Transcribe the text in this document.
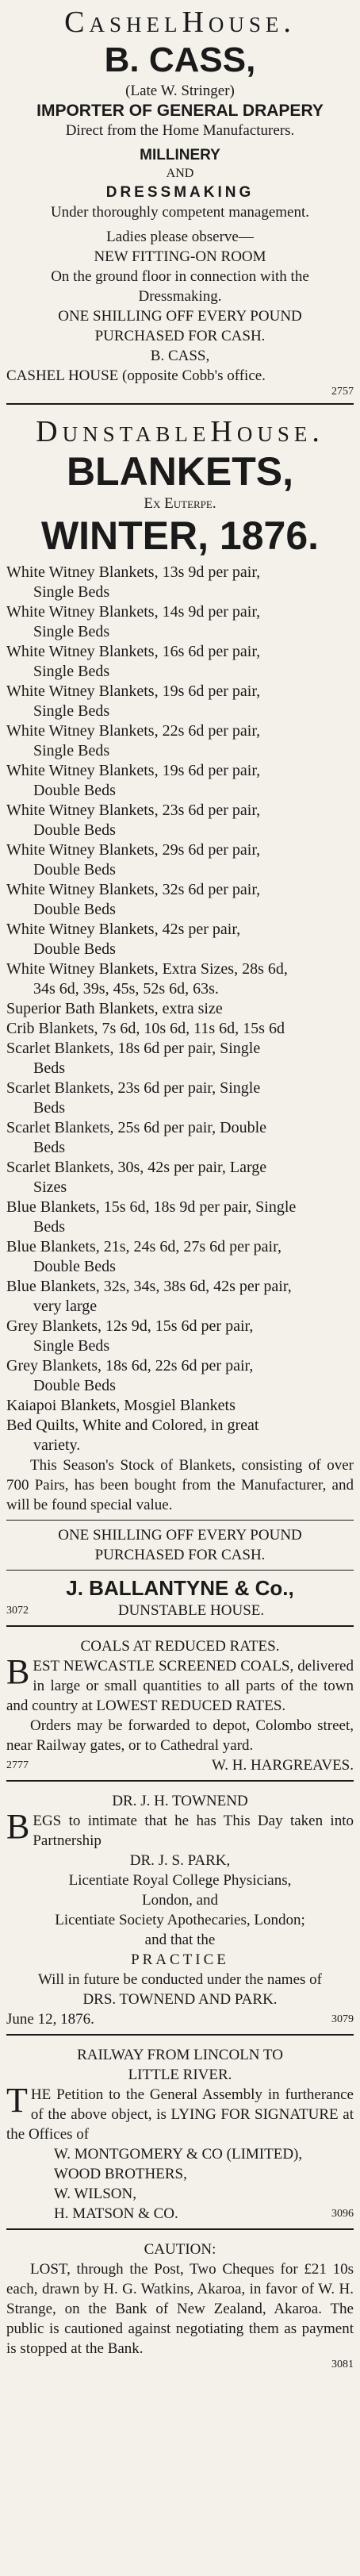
CashelHouse.
B. CASS,
(Late W. Stringer)
IMPORTER OF GENERAL DRAPERY
Direct from the Home Manufacturers.
MILLINERY
AND
DRESSMAKING
Under thoroughly competent management.
Ladies please observe—
NEW FITTING-ON ROOM
On the ground floor in connection with the
Dressmaking.
ONE SHILLING OFF EVERY POUND
PURCHASED FOR CASH.
B. CASS,
CASHEL HOUSE (opposite Cobb's office.
2757
DunstableHouse.
BLANKETS,
Ex Euterpe.
WINTER, 1876.
White Witney Blankets, 13s 9d per pair,
Single Beds
White Witney Blankets, 14s 9d per pair,
Single Beds
White Witney Blankets, 16s 6d per pair,
Single Beds
White Witney Blankets, 19s 6d per pair,
Single Beds
White Witney Blankets, 22s 6d per pair,
Single Beds
White Witney Blankets, 19s 6d per pair,
Double Beds
White Witney Blankets, 23s 6d per pair,
Double Beds
White Witney Blankets, 29s 6d per pair,
Double Beds
White Witney Blankets, 32s 6d per pair,
Double Beds
White Witney Blankets, 42s per pair,
Double Beds
White Witney Blankets, Extra Sizes, 28s 6d,
34s 6d, 39s, 45s, 52s 6d, 63s.
Superior Bath Blankets, extra size
Crib Blankets, 7s 6d, 10s 6d, 11s 6d, 15s 6d
Scarlet Blankets, 18s 6d per pair, Single
Beds
Scarlet Blankets, 23s 6d per pair, Single
Beds
Scarlet Blankets, 25s 6d per pair, Double
Beds
Scarlet Blankets, 30s, 42s per pair, Large
Sizes
Blue Blankets, 15s 6d, 18s 9d per pair, Single
Beds
Blue Blankets, 21s, 24s 6d, 27s 6d per pair,
Double Beds
Blue Blankets, 32s, 34s, 38s 6d, 42s per pair,
very large
Grey Blankets, 12s 9d, 15s 6d per pair,
Single Beds
Grey Blankets, 18s 6d, 22s 6d per pair,
Double Beds
Kaiapoi Blankets, Mosgiel Blankets
Bed Quilts, White and Colored, in great
variety.
This Season's Stock of Blankets, consisting of over 700 Pairs, has been bought from the Manufacturer, and will be found special value.
ONE SHILLING OFF EVERY POUND
PURCHASED FOR CASH.
J. BALLANTYNE & Co.,
3072	DUNSTABLE HOUSE.
COALS AT REDUCED RATES.
BEST NEWCASTLE SCREENED COALS, delivered in large or small quantities to all parts of the town and country at LOWEST REDUCED RATES.
Orders may be forwarded to depot, Colombo street, near Railway gates, or to Cathedral yard.
2777	W. H. HARGREAVES.
DR. J. H. TOWNEND
BEGS to intimate that he has This Day taken into Partnership
DR. J. S. PARK,
Licentiate Royal College Physicians,
London, and
Licentiate Society Apothecaries, London;
and that the
PRACTICE
Will in future be conducted under the names of
DRS. TOWNEND AND PARK.
June 12, 1876.	3079
RAILWAY FROM LINCOLN TO
LITTLE RIVER.
THE Petition to the General Assembly in furtherance of the above object, is LYING FOR SIGNATURE at the Offices of
W. MONTGOMERY & CO (LIMITED),
WOOD BROTHERS,
W. WILSON,
H. MATSON & CO.	3096
CAUTION:
LOST, through the Post, Two Cheques for £21 10s each, drawn by H. G. Watkins, Akaroa, in favor of W. H. Strange, on the Bank of New Zealand, Akaroa. The public is cautioned against negotiating them as payment is stopped at the Bank.
3081
